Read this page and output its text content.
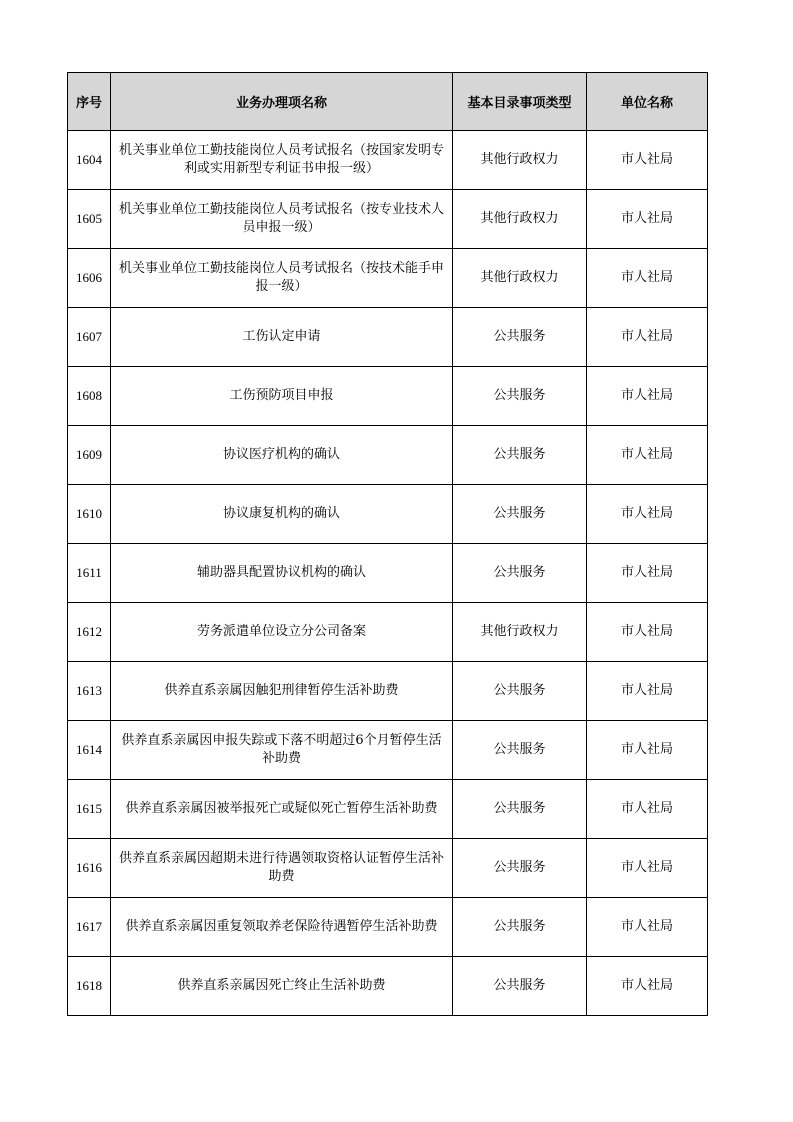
序号	业务办理项名称	基本目录事项类型	单位名称
1604	机关事业单位工勤技能岗位人员考试报名（按国家发明专利或实用新型专利证书申报一级）	其他行政权力	市人社局
1605	机关事业单位工勤技能岗位人员考试报名（按专业技术人员申报一级）	其他行政权力	市人社局
1606	机关事业单位工勤技能岗位人员考试报名（按技术能手申报一级）	其他行政权力	市人社局
1607	工伤认定申请	公共服务	市人社局
1608	工伤预防项目申报	公共服务	市人社局
1609	协议医疗机构的确认	公共服务	市人社局
1610	协议康复机构的确认	公共服务	市人社局
1611	辅助器具配置协议机构的确认	公共服务	市人社局
1612	劳务派遣单位设立分公司备案	其他行政权力	市人社局
1613	供养直系亲属因触犯刑律暂停生活补助费	公共服务	市人社局
1614	供养直系亲属因申报失踪或下落不明超过6个月暂停生活补助费	公共服务	市人社局
1615	供养直系亲属因被举报死亡或疑似死亡暂停生活补助费	公共服务	市人社局
1616	供养直系亲属因超期未进行待遇领取资格认证暂停生活补助费	公共服务	市人社局
1617	供养直系亲属因重复领取养老保险待遇暂停生活补助费	公共服务	市人社局
1618	供养直系亲属因死亡终止生活补助费	公共服务	市人社局
